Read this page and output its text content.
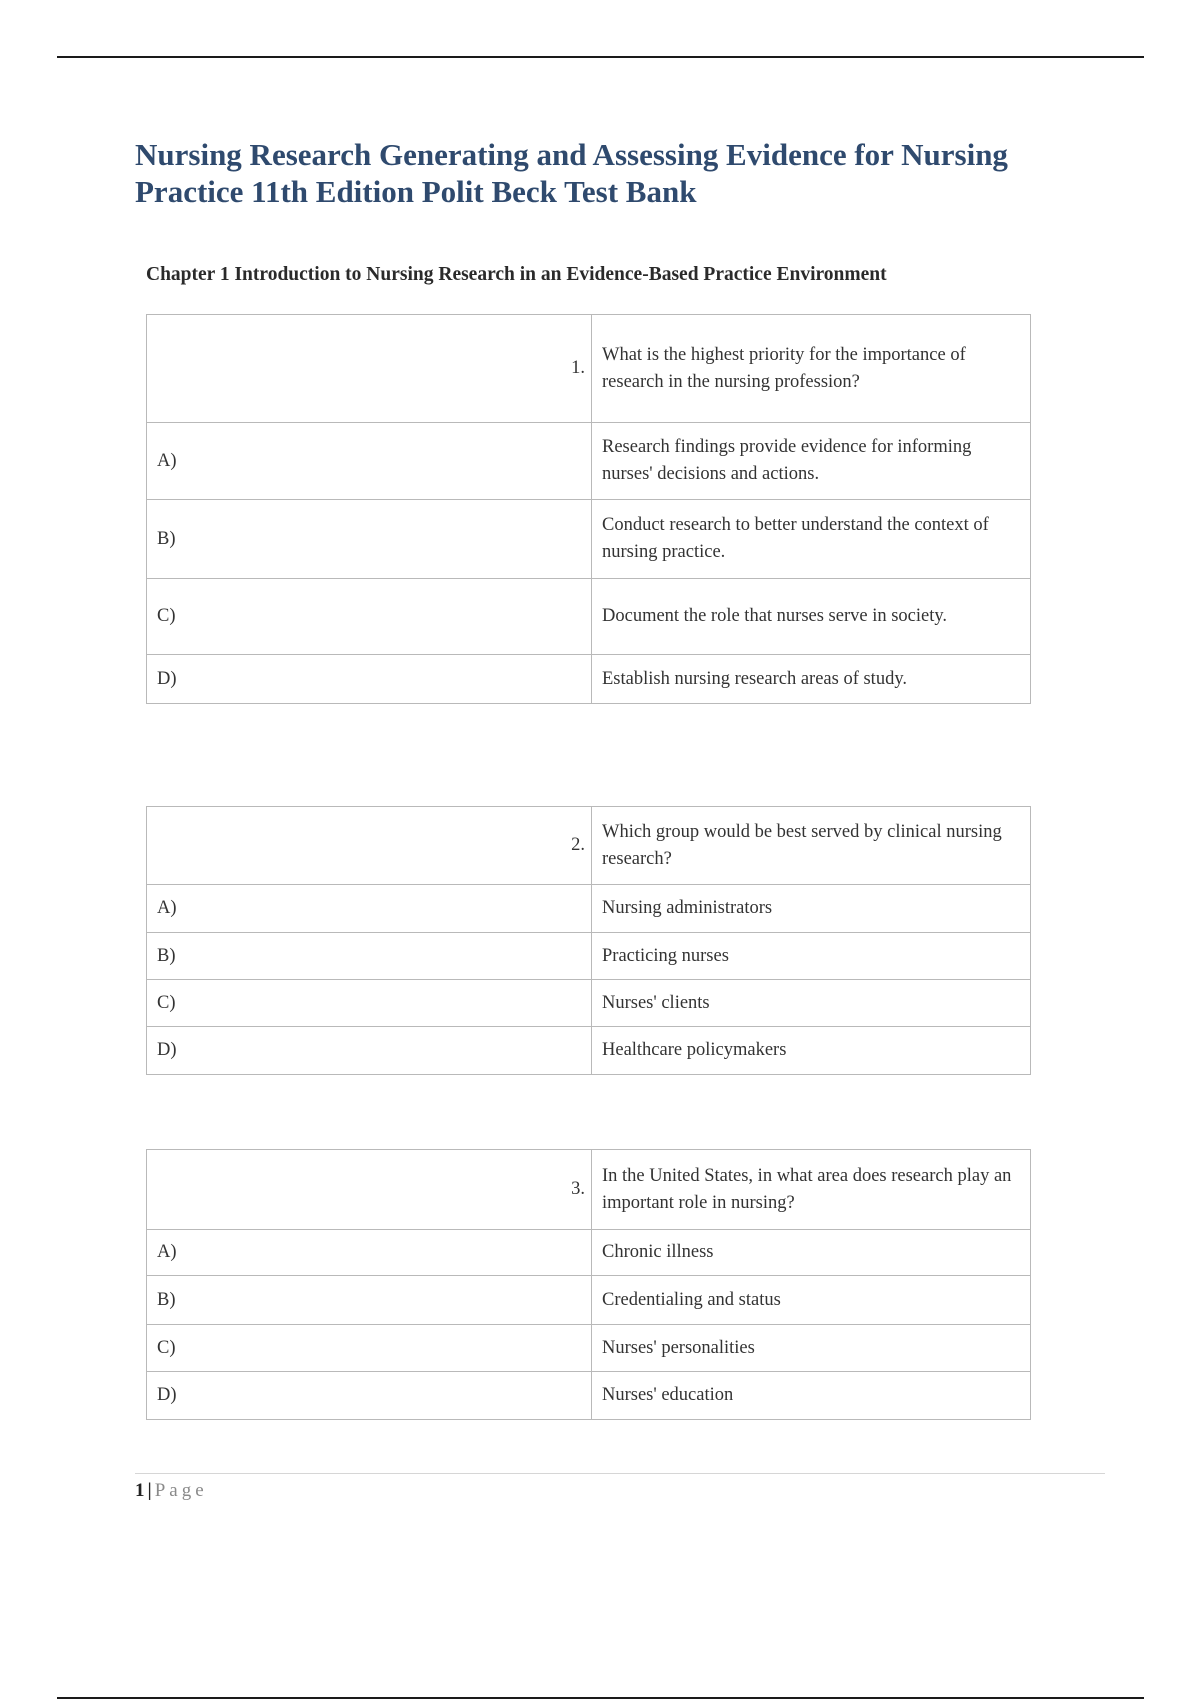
Nursing Research Generating and Assessing Evidence for Nursing Practice 11th Edition Polit Beck Test Bank
Chapter 1 Introduction to Nursing Research in an Evidence-Based Practice Environment
1.	What is the highest priority for the importance of research in the nursing profession?
A)	Research findings provide evidence for informing nurses' decisions and actions.
B)	Conduct research to better understand the context of nursing practice.
C)	Document the role that nurses serve in society.
D)	Establish nursing research areas of study.
2.	Which group would be best served by clinical nursing research?
A)	Nursing administrators
B)	Practicing nurses
C)	Nurses' clients
D)	Healthcare policymakers
3.	In the United States, in what area does research play an important role in nursing?
A)	Chronic illness
B)	Credentialing and status
C)	Nurses' personalities
D)	Nurses' education
1 | Page
